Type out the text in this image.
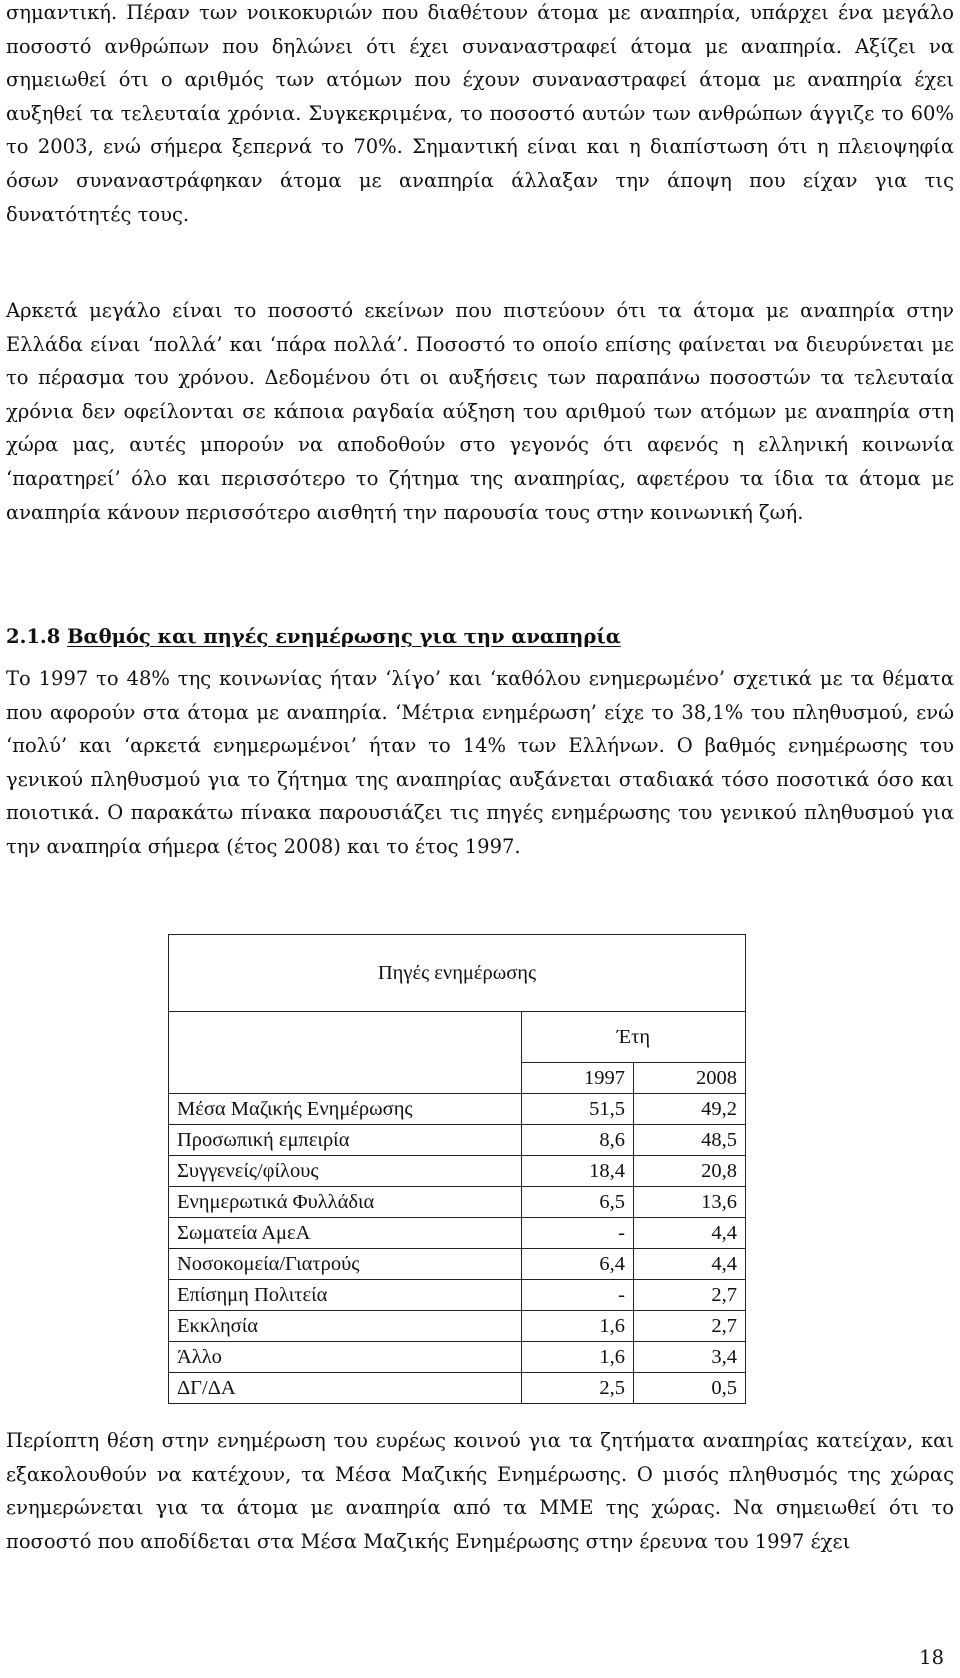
σημαντική. Πέραν των νοικοκυριών που διαθέτουν άτομα με αναπηρία, υπάρχει ένα μεγάλο ποσοστό ανθρώπων που δηλώνει ότι έχει συναναστραφεί άτομα με αναπηρία. Αξίζει να σημειωθεί ότι ο αριθμός των ατόμων που έχουν συναναστραφεί άτομα με αναπηρία έχει αυξηθεί τα τελευταία χρόνια. Συγκεκριμένα, το ποσοστό αυτών των ανθρώπων άγγιζε το 60% το 2003, ενώ σήμερα ξεπερνά το 70%. Σημαντική είναι και η διαπίστωση ότι η πλειοψηφία όσων συναναστράφηκαν άτομα με αναπηρία άλλαξαν την άποψη που είχαν για τις δυνατότητές τους.

Αρκετά μεγάλο είναι το ποσοστό εκείνων που πιστεύουν ότι τα άτομα με αναπηρία στην Ελλάδα είναι ‘πολλά’ και ‘πάρα πολλά’. Ποσοστό το οποίο επίσης φαίνεται να διευρύνεται με το πέρασμα του χρόνου. Δεδομένου ότι οι αυξήσεις των παραπάνω ποσοστών τα τελευταία χρόνια δεν οφείλονται σε κάποια ραγδαία αύξηση του αριθμού των ατόμων με αναπηρία στη χώρα μας, αυτές μπορούν να αποδοθούν στο γεγονός ότι αφενός η ελληνική κοινωνία ‘παρατηρεί’ όλο και περισσότερο το ζήτημα της αναπηρίας, αφετέρου τα ίδια τα άτομα με αναπηρία κάνουν περισσότερο αισθητή την παρουσία τους στην κοινωνική ζωή.

2.1.8 Βαθμός και πηγές ενημέρωσης για την αναπηρία

Το 1997 το 48% της κοινωνίας ήταν ‘λίγο’ και ‘καθόλου ενημερωμένο’ σχετικά με τα θέματα που αφορούν στα άτομα με αναπηρία. ‘Μέτρια ενημέρωση’ είχε το 38,1% του πληθυσμού, ενώ ‘πολύ’ και ‘αρκετά ενημερωμένοι’ ήταν το 14% των Ελλήνων. Ο βαθμός ενημέρωσης του γενικού πληθυσμού για το ζήτημα της αναπηρίας αυξάνεται σταδιακά τόσο ποσοτικά όσο και ποιοτικά. Ο παρακάτω πίνακα παρουσιάζει τις πηγές ενημέρωσης του γενικού πληθυσμού για την αναπηρία σήμερα (έτος 2008) και το έτος 1997.

Πηγές ενημέρωσης		
	Έτη	
	1997	2008
Μέσα Μαζικής Ενημέρωσης	51,5	49,2
Προσωπική εμπειρία	8,6	48,5
Συγγενείς/φίλους	18,4	20,8
Ενημερωτικά Φυλλάδια	6,5	13,6
Σωματεία ΑμεΑ	-	4,4
Νοσοκομεία/Γιατρούς	6,4	4,4
Επίσημη Πολιτεία	-	2,7
Εκκλησία	1,6	2,7
Άλλο	1,6	3,4
ΔΓ/ΔΑ	2,5	0,5

Περίοπτη θέση στην ενημέρωση του ευρέως κοινού για τα ζητήματα αναπηρίας κατείχαν, και εξακολουθούν να κατέχουν, τα Μέσα Μαζικής Ενημέρωσης. Ο μισός πληθυσμός της χώρας ενημερώνεται για τα άτομα με αναπηρία από τα ΜΜΕ της χώρας. Να σημειωθεί ότι το ποσοστό που αποδίδεται στα Μέσα Μαζικής Ενημέρωσης στην έρευνα του 1997 έχει

18
